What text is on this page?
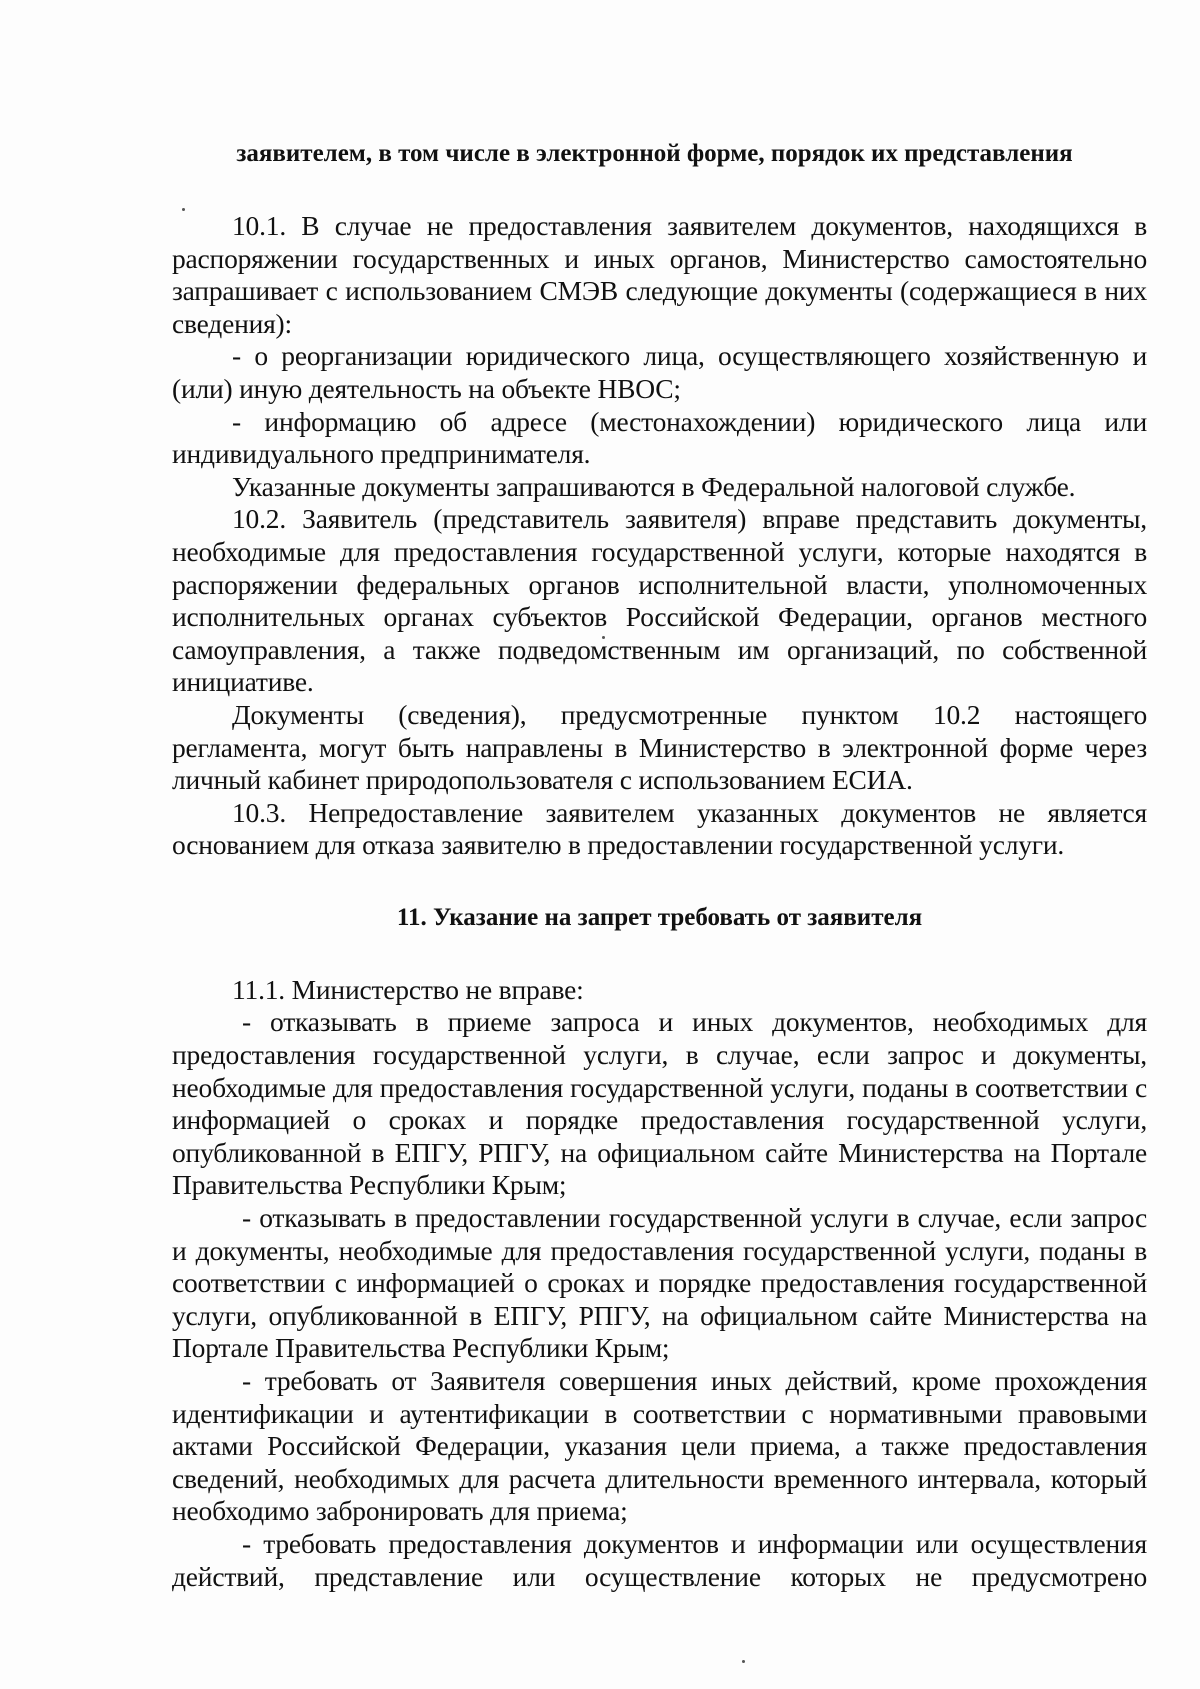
заявителем, в том числе в электронной форме, порядок их представления

10.1. В случае не предоставления заявителем документов, находящихся в распоряжении государственных и иных органов, Министерство самостоятельно запрашивает с использованием СМЭВ следующие документы (содержащиеся в них сведения):

- о реорганизации юридического лица, осуществляющего хозяйственную и (или) иную деятельность на объекте НВОС;

- информацию об адресе (местонахождении) юридического лица или индивидуального предпринимателя.

Указанные документы запрашиваются в Федеральной налоговой службе.

10.2. Заявитель (представитель заявителя) вправе представить документы, необходимые для предоставления государственной услуги, которые находятся в распоряжении федеральных органов исполнительной власти, уполномоченных исполнительных органах субъектов Российской Федерации, органов местного самоуправления, а также подведомственным им организаций, по собственной инициативе.

Документы (сведения), предусмотренные пунктом 10.2 настоящего регламента, могут быть направлены в Министерство в электронной форме через личный кабинет природопользователя с использованием ЕСИА.

10.3. Непредоставление заявителем указанных документов не является основанием для отказа заявителю в предоставлении государственной услуги.

11. Указание на запрет требовать от заявителя

11.1. Министерство не вправе:

- отказывать в приеме запроса и иных документов, необходимых для предоставления государственной услуги, в случае, если запрос и документы, необходимые для предоставления государственной услуги, поданы в соответствии с информацией о сроках и порядке предоставления государственной услуги, опубликованной в ЕПГУ, РПГУ, на официальном сайте Министерства на Портале Правительства Республики Крым;

- отказывать в предоставлении государственной услуги в случае, если запрос и документы, необходимые для предоставления государственной услуги, поданы в соответствии с информацией о сроках и порядке предоставления государственной услуги, опубликованной в ЕПГУ, РПГУ, на официальном сайте Министерства на Портале Правительства Республики Крым;

- требовать от Заявителя совершения иных действий, кроме прохождения идентификации и аутентификации в соответствии с нормативными правовыми актами Российской Федерации, указания цели приема, а также предоставления сведений, необходимых для расчета длительности временного интервала, который необходимо забронировать для приема;

- требовать предоставления документов и информации или осуществления действий, представление или осуществление которых не предусмотрено
